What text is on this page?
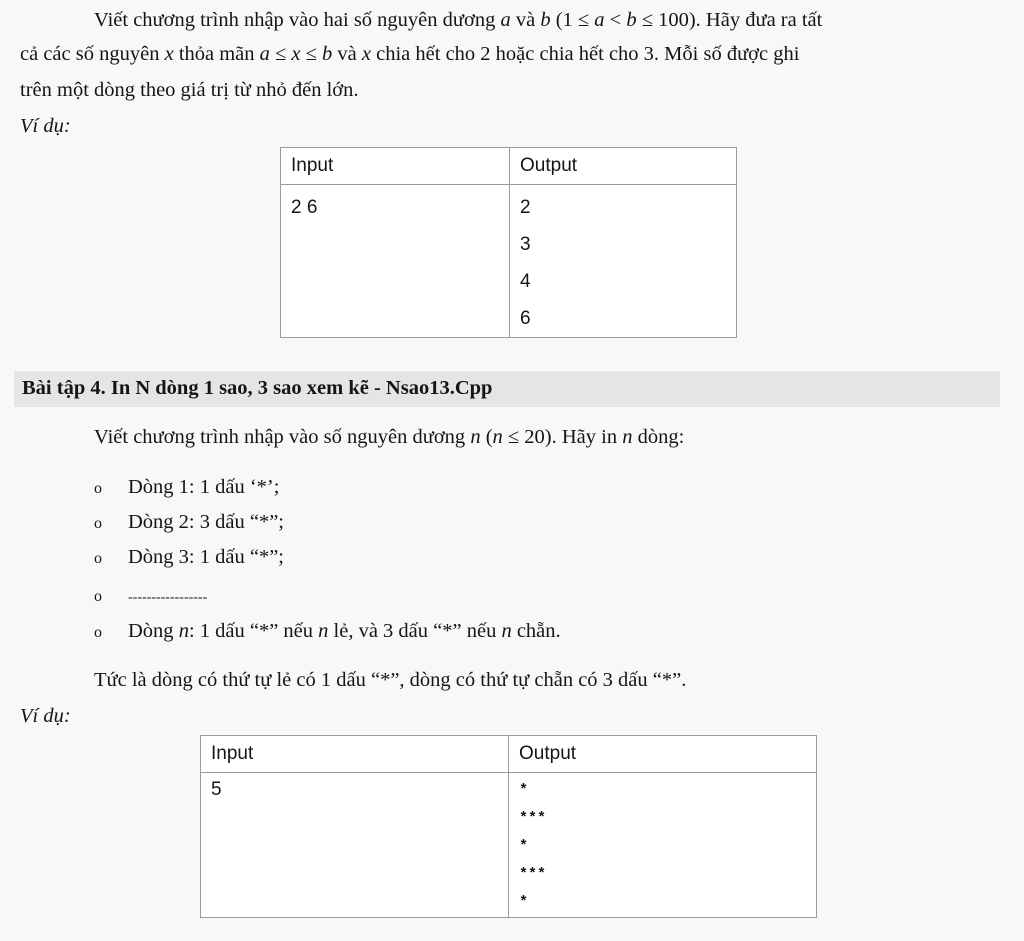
Viết chương trình nhập vào hai số nguyên dương a và b (1 ≤ a < b ≤ 100). Hãy đưa ra tất
cả các số nguyên x thỏa mãn a ≤ x ≤ b và x chia hết cho 2 hoặc chia hết cho 3. Mỗi số được ghi
trên một dòng theo giá trị từ nhỏ đến lớn.
Ví dụ:
Input	Output

2 6	2
3
4
6
Bài tập 4. In N dòng 1 sao, 3 sao xem kẽ - Nsao13.Cpp
Viết chương trình nhập vào số nguyên dương n (n ≤ 20). Hãy in n dòng:
o Dòng 1: 1 dấu ‘*’;
o Dòng 2: 3 dấu “*”;
o Dòng 3: 1 dấu “*”;
o -----------------
o Dòng n: 1 dấu “*” nếu n lẻ, và 3 dấu “*” nếu n chẵn.
Tức là dòng có thứ tự lẻ có 1 dấu “*”, dòng có thứ tự chẵn có 3 dấu “*”.
Ví dụ:
Input	Output

5	*
***
*
***
*
